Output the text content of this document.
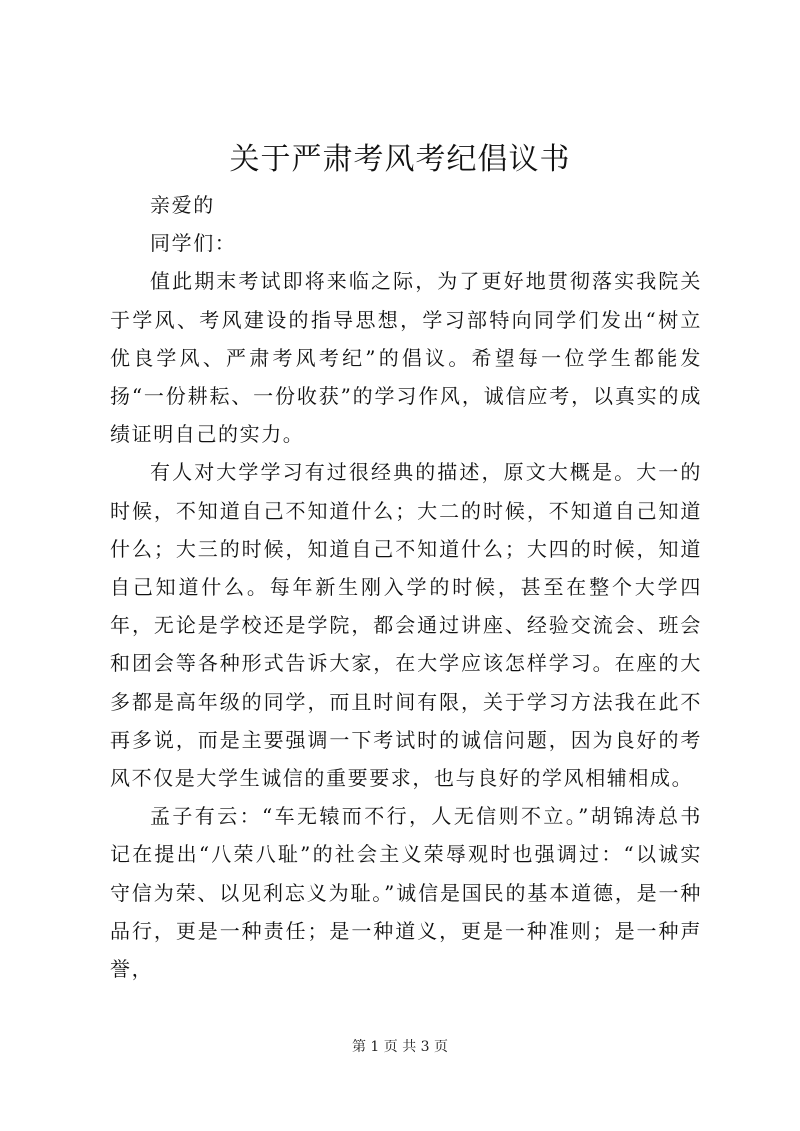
关于严肃考风考纪倡议书

亲爱的

同学们：

值此期末考试即将来临之际，为了更好地贯彻落实我院关于学风、考风建设的指导思想，学习部特向同学们发出“树立优良学风、严肃考风考纪”的倡议。希望每一位学生都能发扬“一份耕耘、一份收获”的学习作风，诚信应考，以真实的成绩证明自己的实力。

有人对大学学习有过很经典的描述，原文大概是。大一的时候，不知道自己不知道什么；大二的时候，不知道自己知道什么；大三的时候，知道自己不知道什么；大四的时候，知道自己知道什么。每年新生刚入学的时候，甚至在整个大学四年，无论是学校还是学院，都会通过讲座、经验交流会、班会和团会等各种形式告诉大家，在大学应该怎样学习。在座的大多都是高年级的同学，而且时间有限，关于学习方法我在此不再多说，而是主要强调一下考试时的诚信问题，因为良好的考风不仅是大学生诚信的重要要求，也与良好的学风相辅相成。

孟子有云：“车无辕而不行，人无信则不立。”胡锦涛总书记在提出“八荣八耻”的社会主义荣辱观时也强调过：“以诚实守信为荣、以见利忘义为耻。”诚信是国民的基本道德，是一种品行，更是一种责任；是一种道义，更是一种准则；是一种声誉，

第 1 页 共 3 页
